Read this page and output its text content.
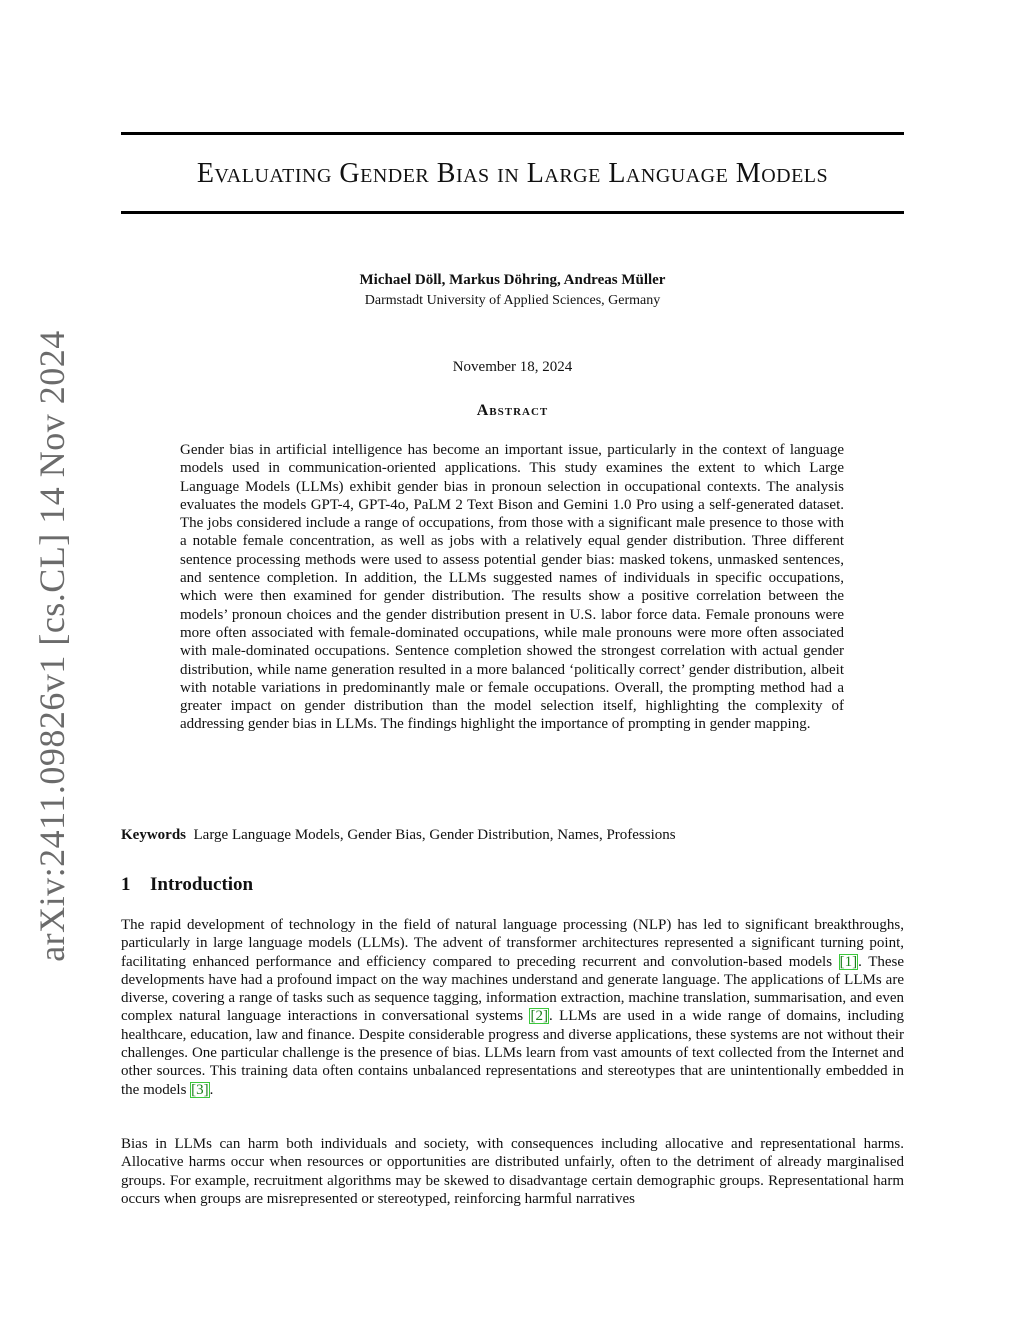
arXiv:2411.09826v1 [cs.CL] 14 Nov 2024
Evaluating Gender Bias in Large Language Models
Michael Döll, Markus Döhring, Andreas Müller
Darmstadt University of Applied Sciences, Germany
November 18, 2024
Abstract

Gender bias in artificial intelligence has become an important issue, particularly in the context of language models used in communication-oriented applications. This study examines the extent to which Large Language Models (LLMs) exhibit gender bias in pronoun selection in occupational contexts. The analysis evaluates the models GPT-4, GPT-4o, PaLM 2 Text Bison and Gemini 1.0 Pro using a self-generated dataset. The jobs considered include a range of occupations, from those with a significant male presence to those with a notable female concentration, as well as jobs with a relatively equal gender distribution. Three different sentence processing methods were used to assess potential gender bias: masked tokens, unmasked sentences, and sentence completion. In addition, the LLMs suggested names of individuals in specific occupations, which were then examined for gender distribution. The results show a positive correlation between the models’ pronoun choices and the gender distribution present in U.S. labor force data. Female pronouns were more often associated with female-dominated occupations, while male pronouns were more often associated with male-dominated occupations. Sentence completion showed the strongest correlation with actual gender distribution, while name generation resulted in a more balanced ‘politically correct’ gender distribution, albeit with notable variations in predominantly male or female occupations. Overall, the prompting method had a greater impact on gender distribution than the model selection itself, highlighting the complexity of addressing gender bias in LLMs. The findings highlight the importance of prompting in gender mapping.

Keywords Large Language Models, Gender Bias, Gender Distribution, Names, Professions
1 Introduction

The rapid development of technology in the field of natural language processing (NLP) has led to significant breakthroughs, particularly in large language models (LLMs). The advent of transformer architectures represented a significant turning point, facilitating enhanced performance and efficiency compared to preceding recurrent and convolution-based models [1]. These developments have had a profound impact on the way machines understand and generate language. The applications of LLMs are diverse, covering a range of tasks such as sequence tagging, information extraction, machine translation, summarisation, and even complex natural language interactions in conversational systems [2]. LLMs are used in a wide range of domains, including healthcare, education, law and finance. Despite considerable progress and diverse applications, these systems are not without their challenges. One particular challenge is the presence of bias. LLMs learn from vast amounts of text collected from the Internet and other sources. This training data often contains unbalanced representations and stereotypes that are unintentionally embedded in the models [3].

Bias in LLMs can harm both individuals and society, with consequences including allocative and representational harms. Allocative harms occur when resources or opportunities are distributed unfairly, often to the detriment of already marginalised groups. For example, recruitment algorithms may be skewed to disadvantage certain demographic groups. Representational harm occurs when groups are misrepresented or stereotyped, reinforcing harmful narratives
